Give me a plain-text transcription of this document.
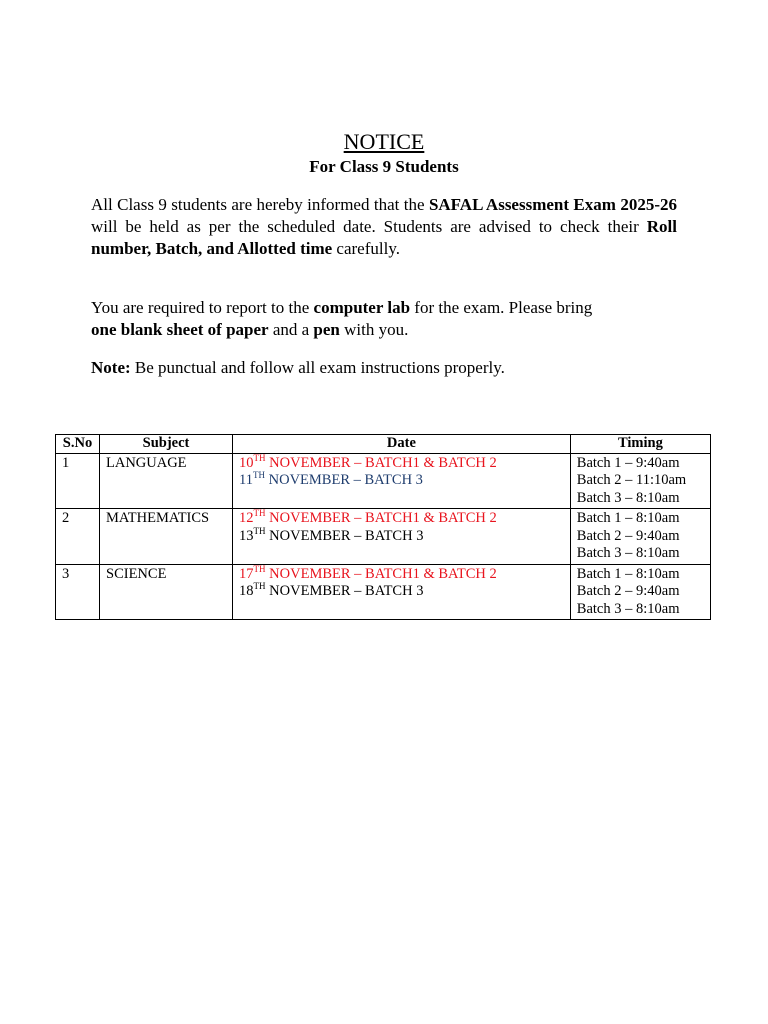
NOTICE
For Class 9 Students

All Class 9 students are hereby informed that the SAFAL Assessment Exam 2025-26 will be held as per the scheduled date. Students are advised to check their Roll number, Batch, and Allotted time carefully.

You are required to report to the computer lab for the exam. Please bring
one blank sheet of paper and a pen with you.

Note: Be punctual and follow all exam instructions properly.

S.No	Subject	Date	Timing
1	LANGUAGE	10TH NOVEMBER – BATCH1 & BATCH 2
11TH NOVEMBER – BATCH 3	Batch 1 – 9:40am
Batch 2 – 11:10am
Batch 3 – 8:10am

2	MATHEMATICS	12TH NOVEMBER – BATCH1 & BATCH 2
13TH NOVEMBER – BATCH 3	Batch 1 – 8:10am
Batch 2 – 9:40am
Batch 3 – 8:10am

3	SCIENCE	17TH NOVEMBER – BATCH1 & BATCH 2
18TH NOVEMBER – BATCH 3	Batch 1 – 8:10am
Batch 2 – 9:40am
Batch 3 – 8:10am
